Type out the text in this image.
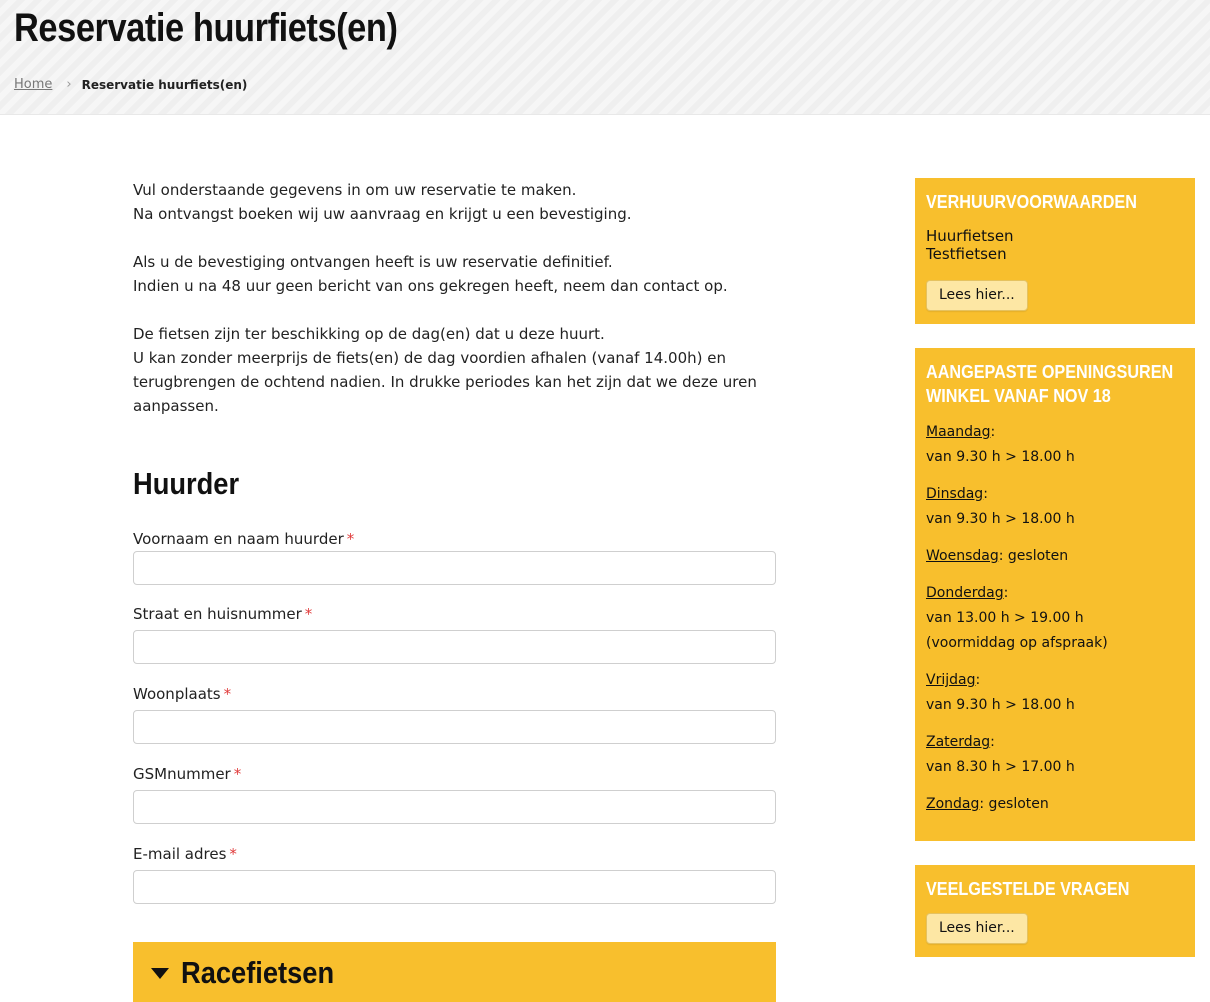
Reservatie huurfiets(en)
Home › Reservatie huurfiets(en)

Vul onderstaande gegevens in om uw reservatie te maken.
Na ontvangst boeken wij uw aanvraag en krijgt u een bevestiging.

Als u de bevestiging ontvangen heeft is uw reservatie definitief.
Indien u na 48 uur geen bericht van ons gekregen heeft, neem dan contact op.

De fietsen zijn ter beschikking op de dag(en) dat u deze huurt.
U kan zonder meerprijs de fiets(en) de dag voordien afhalen (vanaf 14.00h) en
terugbrengen de ochtend nadien. In drukke periodes kan het zijn dat we deze uren
aanpassen.

Huurder
Voornaam en naam huurder *
Straat en huisnummer *
Woonplaats *
GSMnummer *
E-mail adres *
Racefietsen
VERHUURVOORWAARDEN
Huurfietsen
Testfietsen
Lees hier...
AANGEPASTE OPENINGSUREN
WINKEL VANAF NOV 18
Maandag:
van 9.30 h > 18.00 h
Dinsdag:
van 9.30 h > 18.00 h
Woensdag: gesloten
Donderdag:
van 13.00 h > 19.00 h
(voormiddag op afspraak)
Vrijdag:
van 9.30 h > 18.00 h
Zaterdag:
van 8.30 h > 17.00 h
Zondag: gesloten
VEELGESTELDE VRAGEN
Lees hier...
